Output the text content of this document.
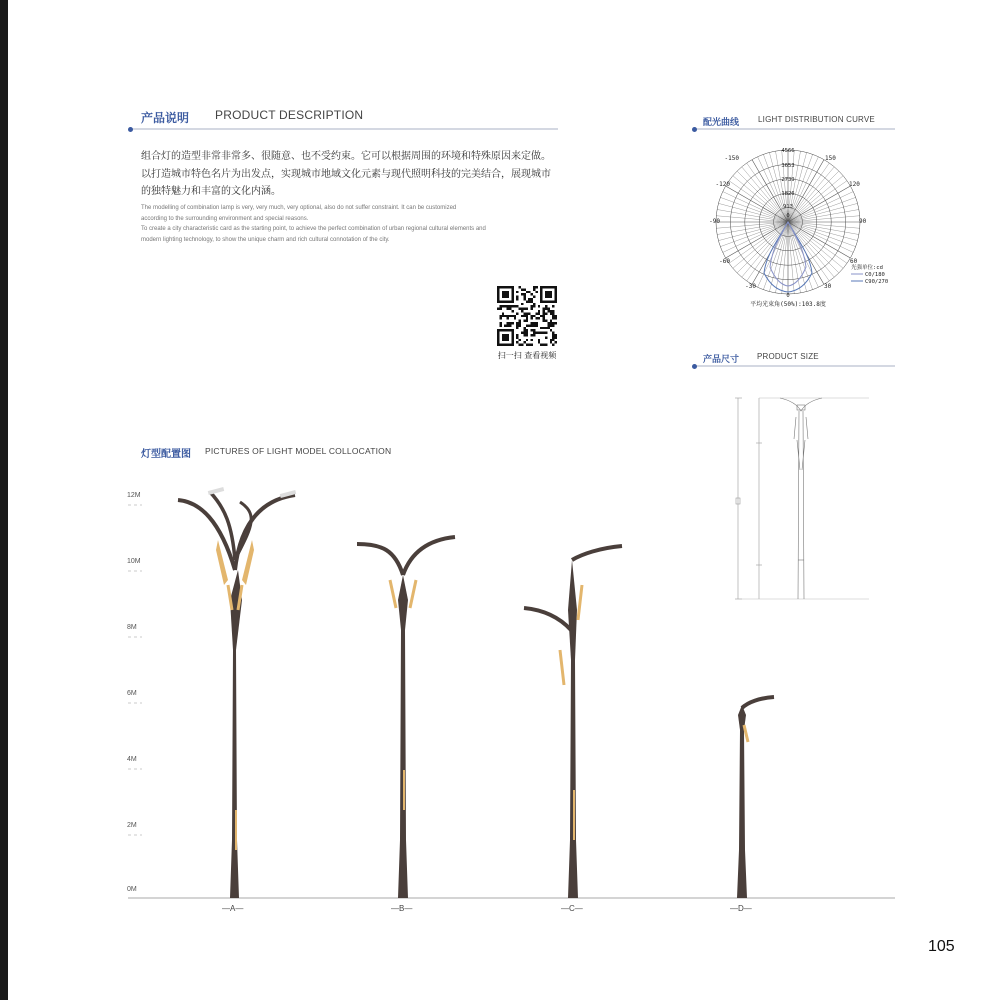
产品说明 PRODUCT DESCRIPTION
组合灯的造型非常非常多、很随意、也不受约束。它可以根据周围的环境和特殊原因来定做。
以打造城市特色名片为出发点，实现城市地域文化元素与现代照明科技的完美结合，展现城市
的独特魅力和丰富的文化内涵。
The modelling of combination lamp is very, very much, very optional, also do not suffer constraint. It can be customized
according to the surrounding environment and special reasons.
To create a city characteristic card as the starting point, to achieve the perfect combination of urban regional cultural elements and
modern lighting technology, to show the unique charm and rich cultural connotation of the city.
扫一扫 查看视频
配光曲线 LIGHT DISTRIBUTION CURVE
4566
3653
2739
1826
913
0
-150
-120
-90
-60
-30
150
120
90
60
30
0
光强单位:cd
C0/180
C90/270
平均光束角(50%):103.8度
产品尺寸 PRODUCT SIZE
灯型配置图 PICTURES OF LIGHT MODEL COLLOCATION
12M
10M
8M
6M
4M
2M
0M
—A—	—B—	—C—	—D—
105
